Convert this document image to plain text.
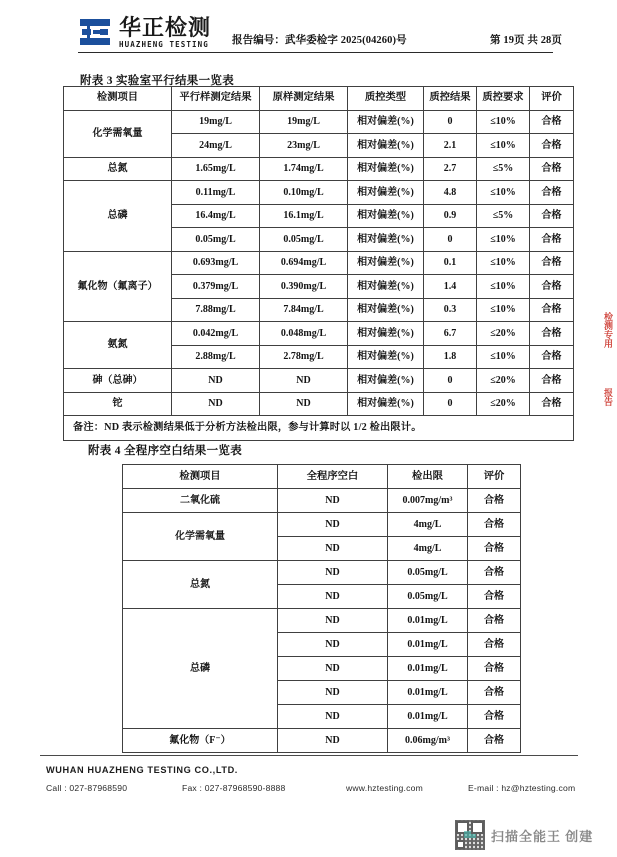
华正检测
HUAZHENG TESTING 报告编号：武华委检字 2025(04260)号	第 19页 共 28页
附表 3 实验室平行结果一览表
检测项目	平行样测定结果	原样测定结果	质控类型	质控结果	质控要求	评价
化学需氧量	19mg/L	19mg/L	相对偏差(%)	0	≤10%	合格
	24mg/L	23mg/L	相对偏差(%)	2.1	≤10%	合格
总氮	1.65mg/L	1.74mg/L	相对偏差(%)	2.7	≤5%	合格
总磷	0.11mg/L	0.10mg/L	相对偏差(%)	4.8	≤10%	合格
	16.4mg/L	16.1mg/L	相对偏差(%)	0.9	≤5%	合格
	0.05mg/L	0.05mg/L	相对偏差(%)	0	≤10%	合格
氟化物（氟离子）	0.693mg/L	0.694mg/L	相对偏差(%)	0.1	≤10%	合格
	0.379mg/L	0.390mg/L	相对偏差(%)	1.4	≤10%	合格
	7.88mg/L	7.84mg/L	相对偏差(%)	0.3	≤10%	合格
氨氮	0.042mg/L	0.048mg/L	相对偏差(%)	6.7	≤20%	合格
	2.88mg/L	2.78mg/L	相对偏差(%)	1.8	≤10%	合格
砷（总砷）	ND	ND	相对偏差(%)	0	≤20%	合格
铊	ND	ND	相对偏差(%)	0	≤20%	合格
备注：ND 表示检测结果低于分析方法检出限，参与计算时以 1/2 检出限计。						
附表 4 全程序空白结果一览表
检测项目	全程序空白	检出限	评价
二氧化硫	ND	0.007mg/m³	合格
化学需氧量	ND	4mg/L	合格
	ND	4mg/L	合格
总氮	ND	0.05mg/L	合格
	ND	0.05mg/L	合格
总磷	ND	0.01mg/L	合格
	ND	0.01mg/L	合格
	ND	0.01mg/L	合格
	ND	0.01mg/L	合格
	ND	0.01mg/L	合格
氟化物（F⁻）	ND	0.06mg/m³	合格
检测专用
报告
WUHAN HUAZHENG TESTING CO.,LTD.
Call : 027-87968590	Fax : 027-87968590-8888	www.hztesting.com	E-mail : hz@hztesting.com
扫描全能王 创建
